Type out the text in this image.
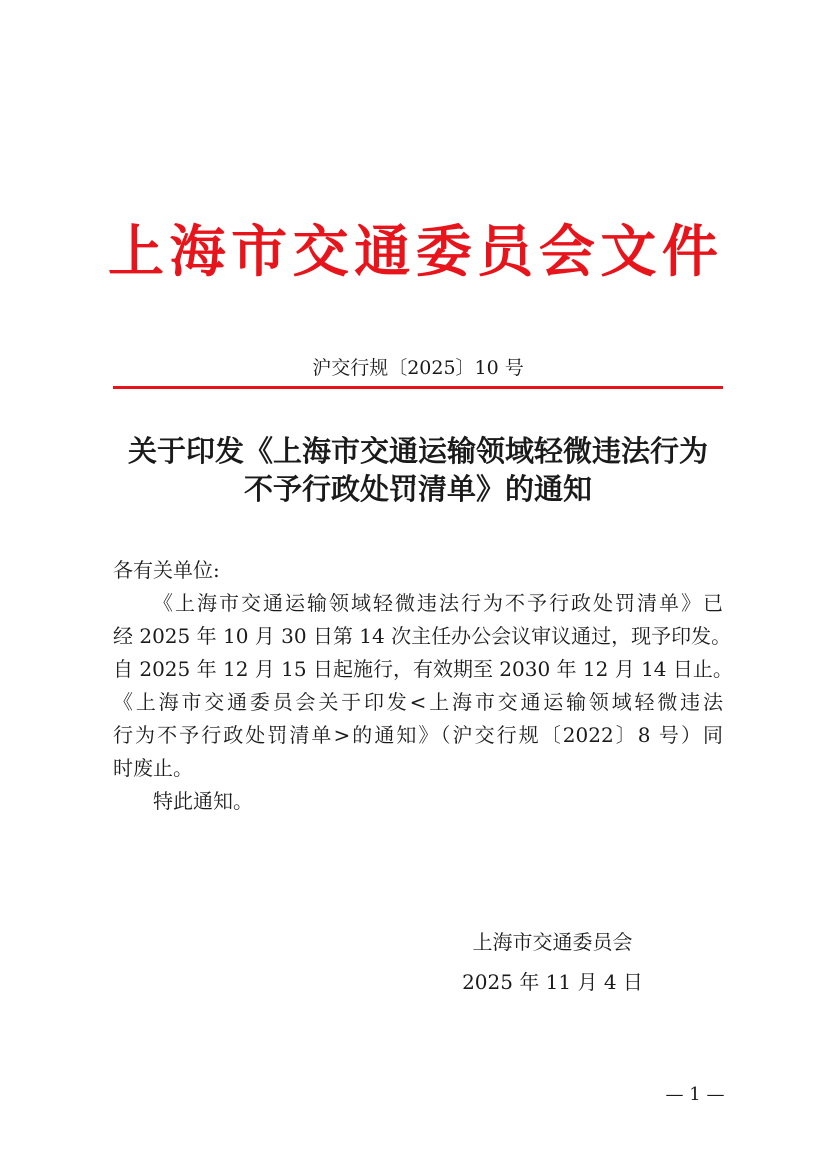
上 海 市 交 通 委 员 会 文 件
沪交行规〔2025〕10 号
关于印发《上海市交通运输领域轻微违法行为
不予行政处罚清单》的通知

各有关单位:

《上海市交通运输领域轻微违法行为不予行政处罚清单》已
经 2025 年 10 月 30 日第 14 次主任办公会议审议通过，现予印发。
自 2025 年 12 月 15 日起施行，有效期至 2030 年 12 月 14 日止。
《上海市交通委员会关于印发<上海市交通运输领域轻微违法
行为不予行政处罚清单>的通知》（沪交行规〔2022〕8 号）同
时废止。

特此通知。

上海市交通委员会
2025 年 11 月 4 日
— 1 —
